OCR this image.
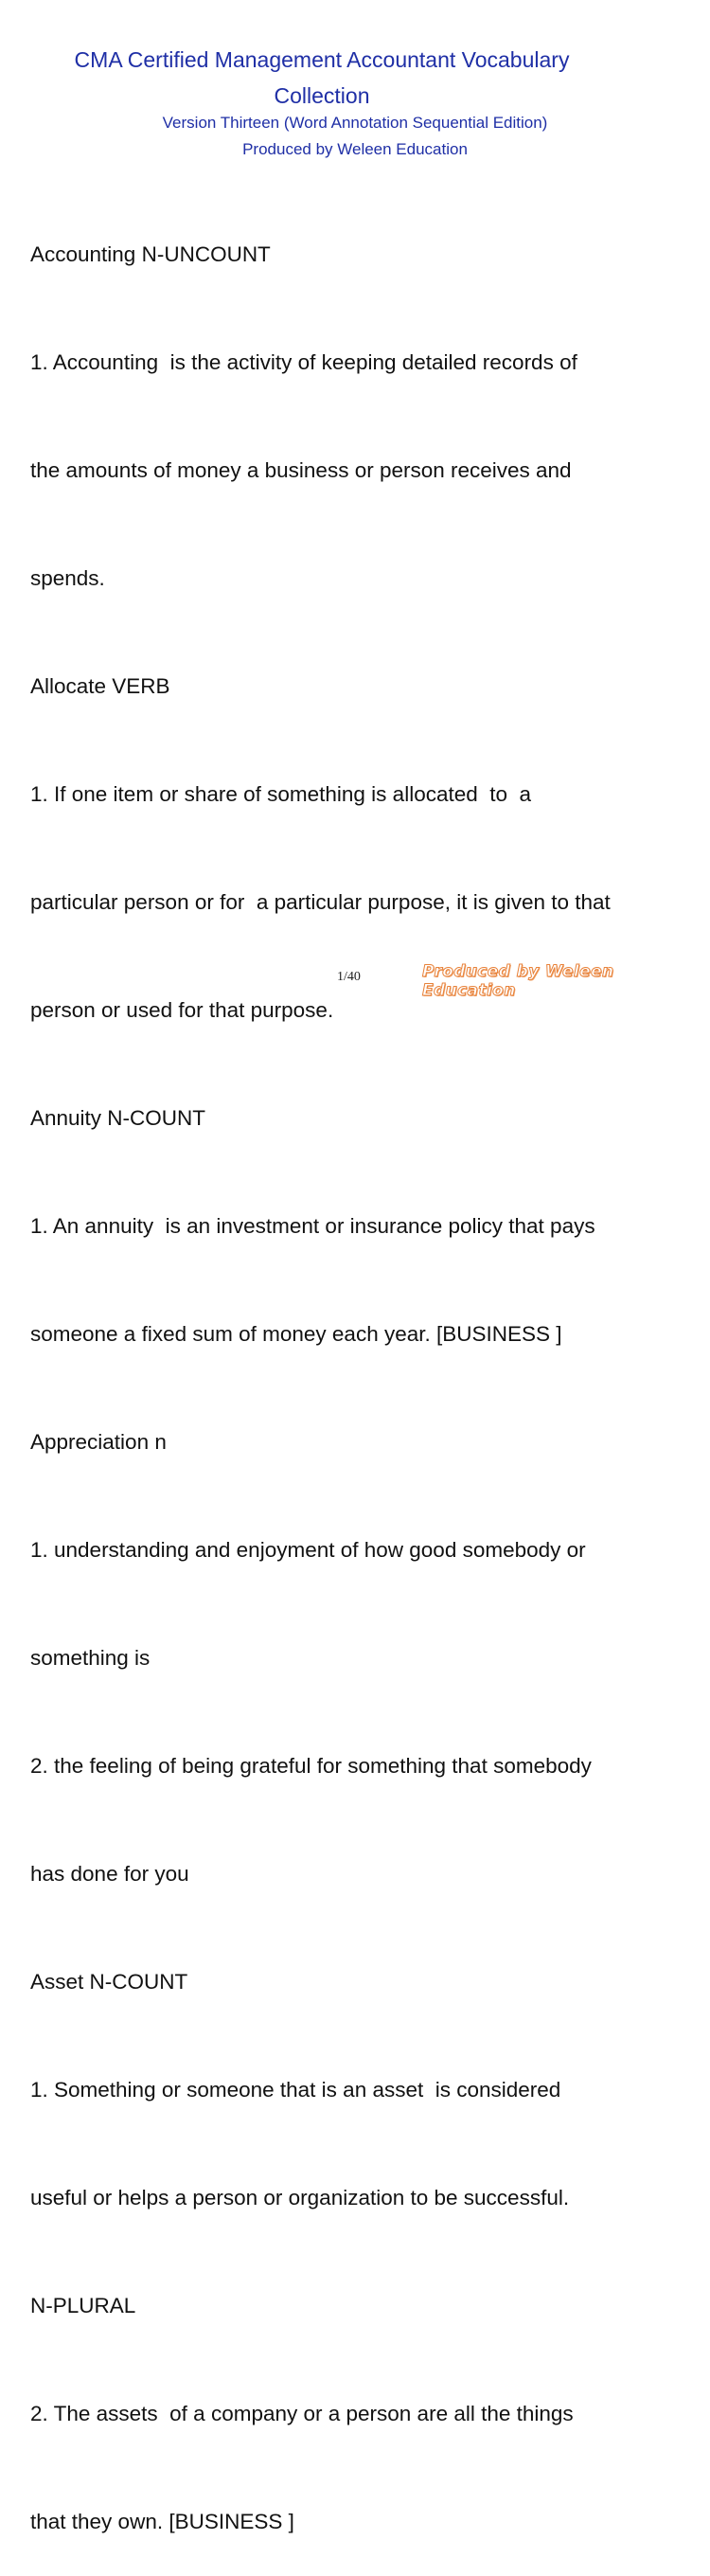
CMA Certified Management Accountant Vocabulary
Collection
Version Thirteen (Word Annotation Sequential Edition)
Produced by Weleen Education

Accounting N-UNCOUNT

1. Accounting  is the activity of keeping detailed records of

the amounts of money a business or person receives and

spends.

Allocate VERB

1. If one item or share of something is allocated  to  a

particular person or for  a particular purpose, it is given to that

person or used for that purpose.

Annuity N-COUNT

1. An annuity  is an investment or insurance policy that pays

someone a fixed sum of money each year. [BUSINESS ]

Appreciation n

1. understanding and enjoyment of how good somebody or

something is

2. the feeling of being grateful for something that somebody

has done for you

Asset N-COUNT

1. Something or someone that is an asset  is considered

useful or helps a person or organization to be successful.

N-PLURAL

2. The assets  of a company or a person are all the things

that they own. [BUSINESS ]

1/40	Produced by Weleen Education
